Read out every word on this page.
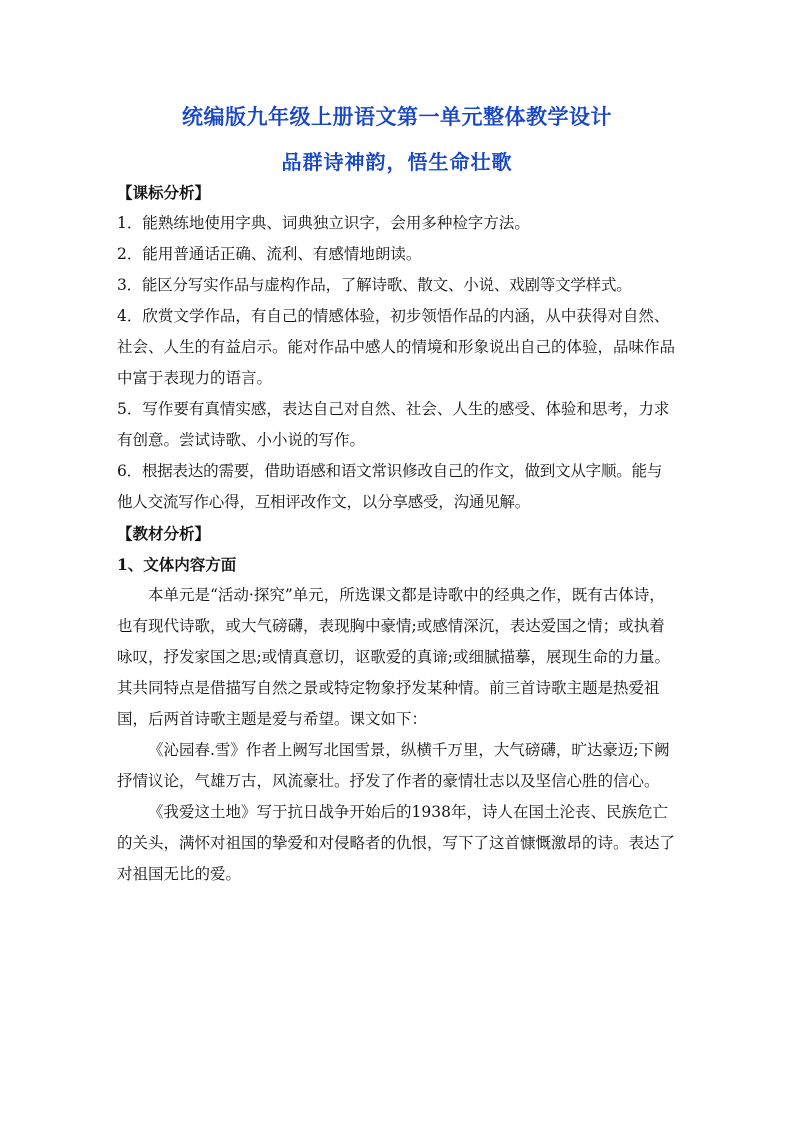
统编版九年级上册语文第一单元整体教学设计
品群诗神韵，悟生命壮歌

【课标分析】

1．能熟练地使用字典、词典独立识字，会用多种检字方法。

2．能用普通话正确、流利、有感情地朗读。

3．能区分写实作品与虚构作品，了解诗歌、散文、小说、戏剧等文学样式。

4．欣赏文学作品，有自己的情感体验，初步领悟作品的内涵，从中获得对自然、社会、人生的有益启示。能对作品中感人的情境和形象说出自己的体验，品味作品中富于表现力的语言。

5．写作要有真情实感，表达自己对自然、社会、人生的感受、体验和思考，力求有创意。尝试诗歌、小小说的写作。

6．根据表达的需要，借助语感和语文常识修改自己的作文，做到文从字顺。能与他人交流写作心得，互相评改作文，以分享感受，沟通见解。

【教材分析】

1、文体内容方面

本单元是“活动·探究”单元，所选课文都是诗歌中的经典之作，既有古体诗，也有现代诗歌，或大气磅礴，表现胸中豪情;或感情深沉，表达爱国之情；或执着咏叹，抒发家国之思;或情真意切，讴歌爱的真谛;或细腻描摹，展现生命的力量。其共同特点是借描写自然之景或特定物象抒发某种情。前三首诗歌主题是热爱祖国，后两首诗歌主题是爱与希望。课文如下：

《沁园春.雪》作者上阙写北国雪景，纵横千万里，大气磅礴，旷达豪迈;下阙抒情议论，气雄万古，风流豪壮。抒发了作者的豪情壮志以及坚信心胜的信心。

《我爱这土地》写于抗日战争开始后的1938年，诗人在国土沦丧、民族危亡的关头，满怀对祖国的挚爱和对侵略者的仇恨，写下了这首慷慨激昂的诗。表达了对祖国无比的爱。
